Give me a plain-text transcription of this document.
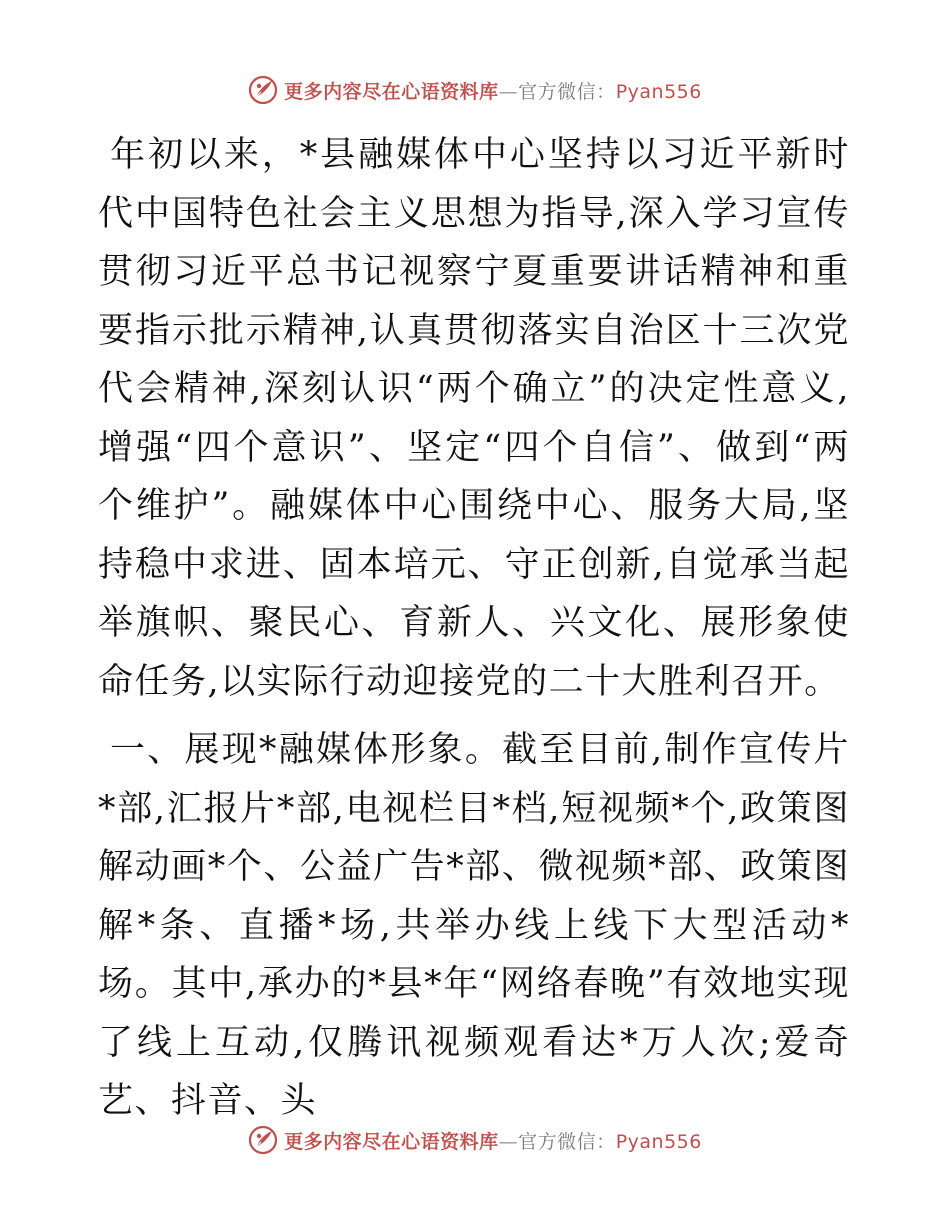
更多内容尽在心语资料库—官方微信：Pyan556

年初以来，*县融媒体中心坚持以习近平新时代中国特色社会主义思想为指导,深入学习宣传贯彻习近平总书记视察宁夏重要讲话精神和重要指示批示精神,认真贯彻落实自治区十三次党代会精神,深刻认识“两个确立”的决定性意义,增强“四个意识”、坚定“四个自信”、做到“两个维护”。融媒体中心围绕中心、服务大局,坚持稳中求进、固本培元、守正创新,自觉承当起举旗帜、聚民心、育新人、兴文化、展形象使命任务,以实际行动迎接党的二十大胜利召开。

一、展现*融媒体形象。截至目前,制作宣传片*部,汇报片*部,电视栏目*档,短视频*个,政策图解动画*个、公益广告*部、微视频*部、政策图解*条、直播*场,共举办线上线下大型活动*场。其中,承办的*县*年“网络春晚”有效地实现了线上互动,仅腾讯视频观看达*万人次;爱奇艺、抖音、头

更多内容尽在心语资料库—官方微信：Pyan556
